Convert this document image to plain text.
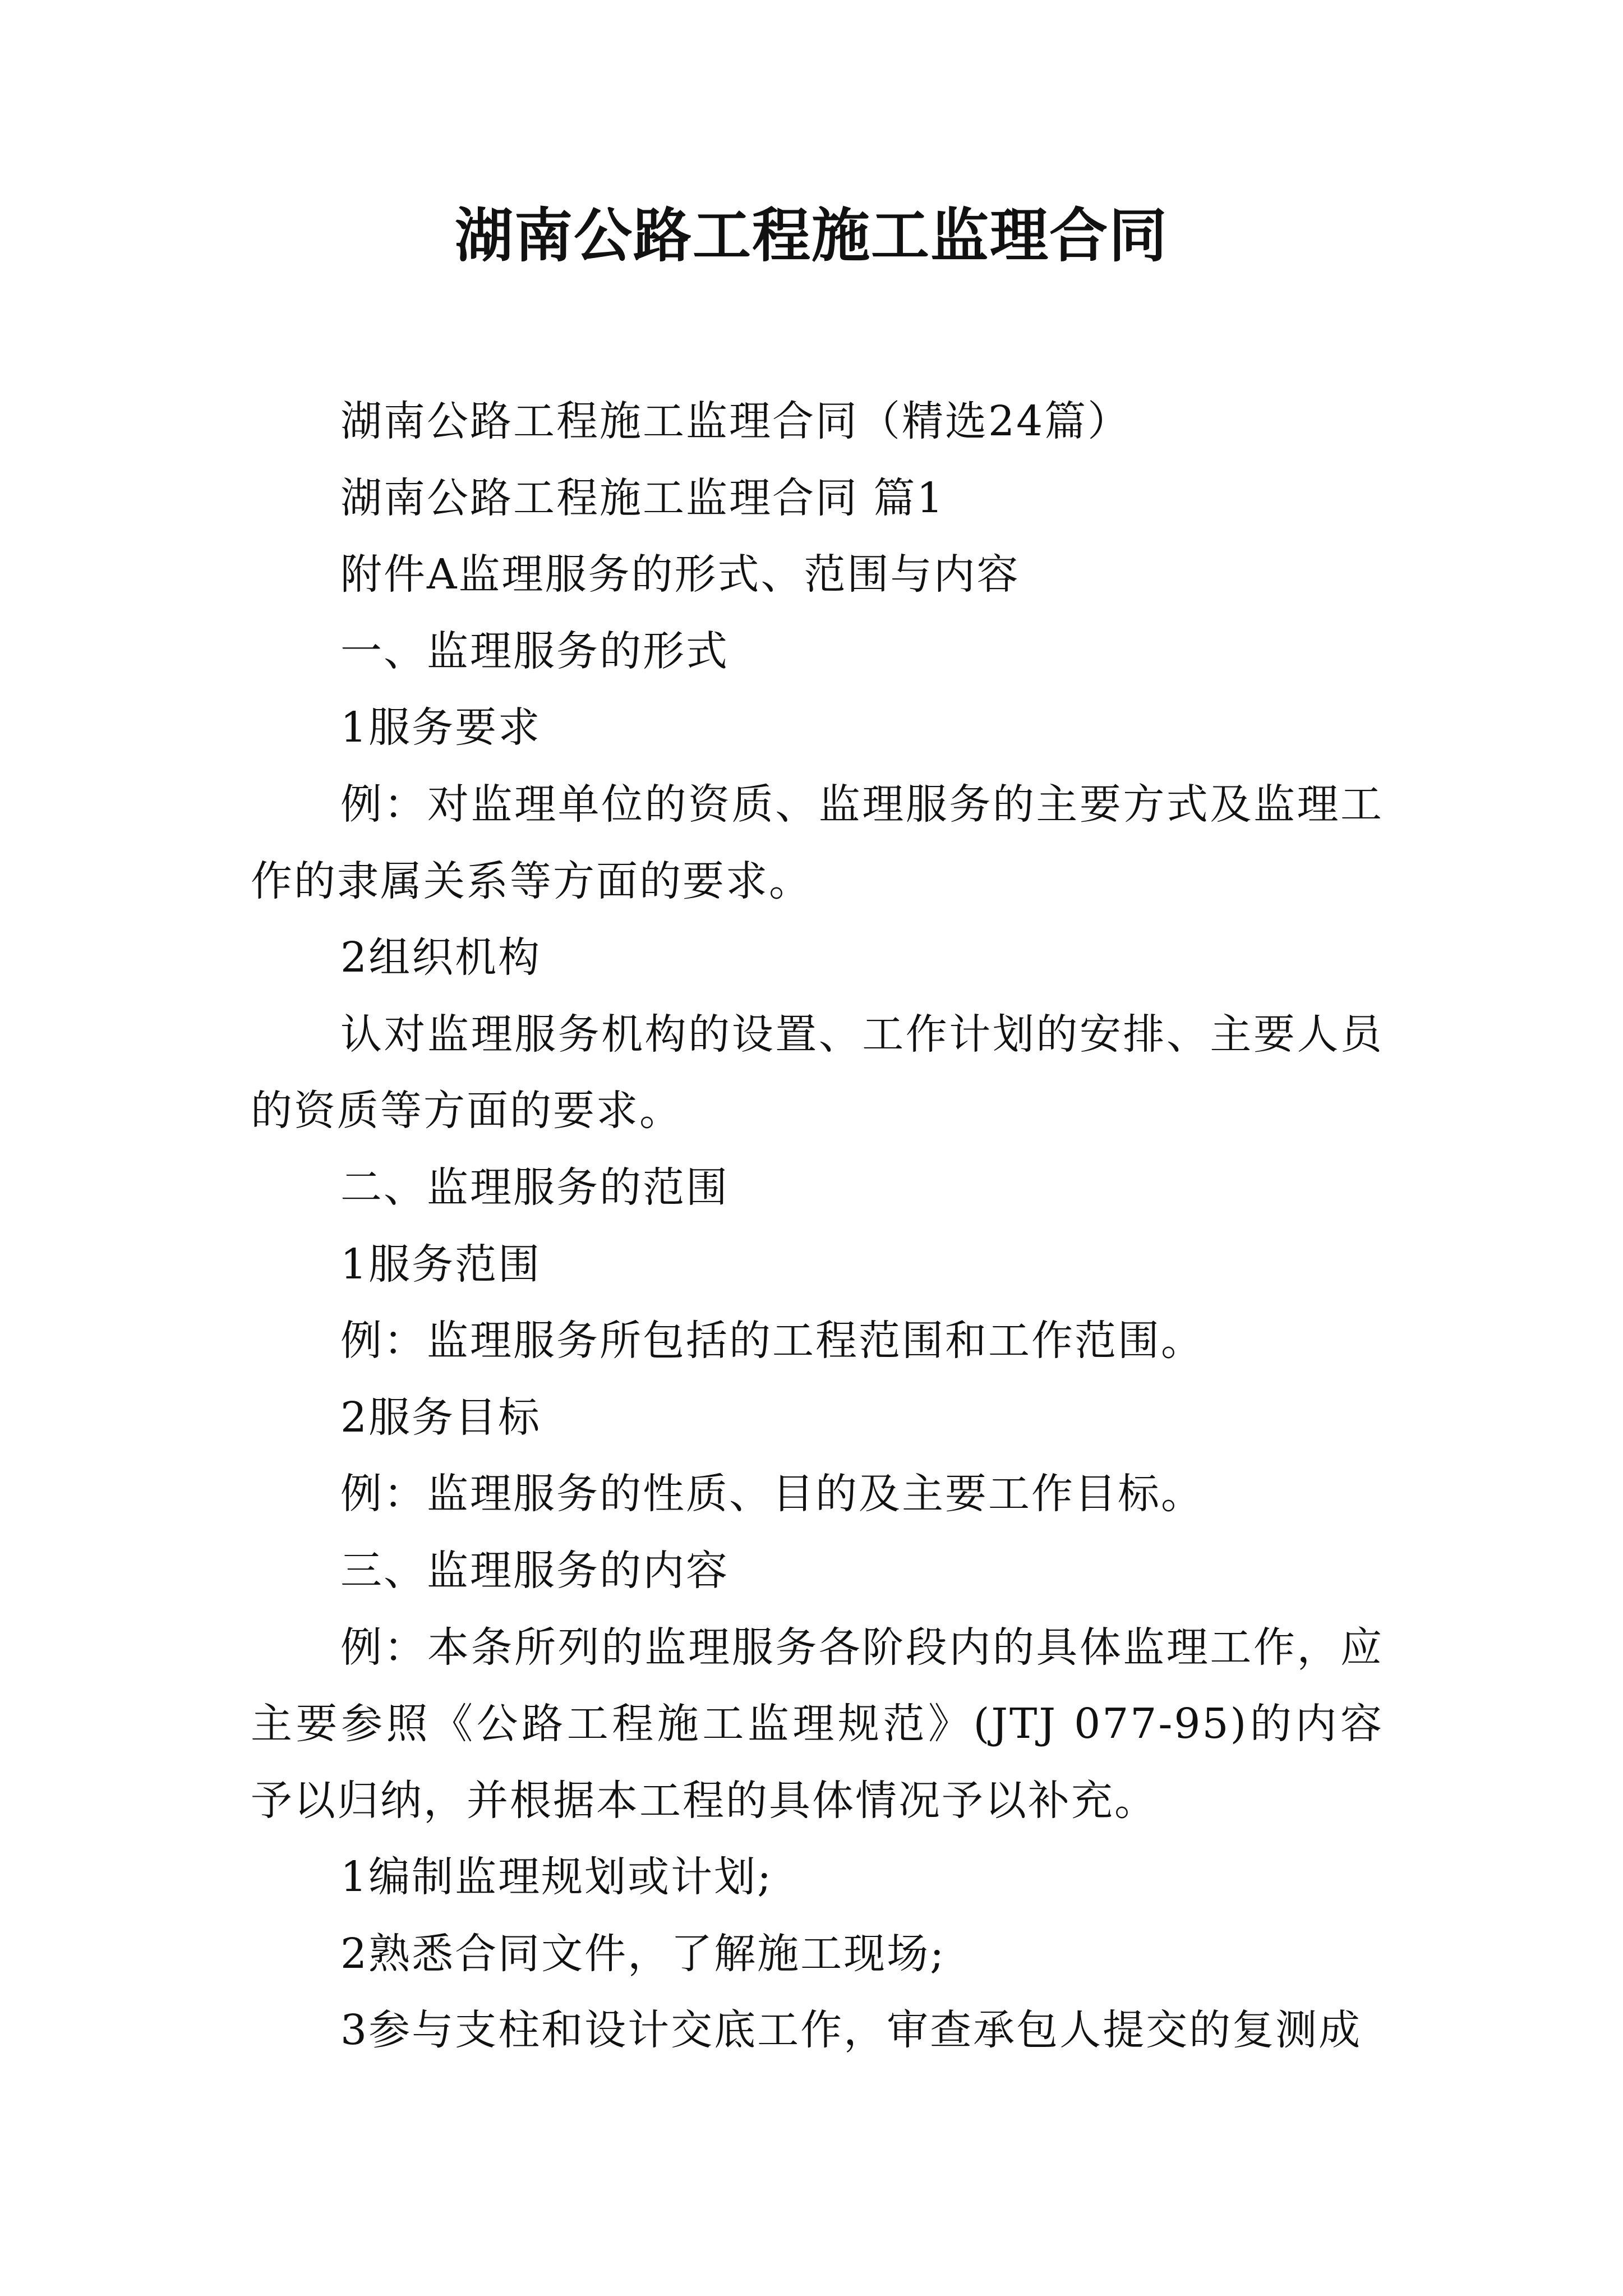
湖南公路工程施工监理合同

湖南公路工程施工监理合同（精选24篇）

湖南公路工程施工监理合同 篇1

附件A监理服务的形式、范围与内容

一、监理服务的形式

1服务要求

例：对监理单位的资质、监理服务的主要方式及监理工作的隶属关系等方面的要求。

2组织机构

认对监理服务机构的设置、工作计划的安排、主要人员的资质等方面的要求。

二、监理服务的范围

1服务范围

例：监理服务所包括的工程范围和工作范围。

2服务目标

例：监理服务的性质、目的及主要工作目标。

三、监理服务的内容

例：本条所列的监理服务各阶段内的具体监理工作，应主要参照《公路工程施工监理规范》(JTJ 077-95)的内容予以归纳，并根据本工程的具体情况予以补充。

1编制监理规划或计划;

2熟悉合同文件，了解施工现场;

3参与支柱和设计交底工作，审查承包人提交的复测成
